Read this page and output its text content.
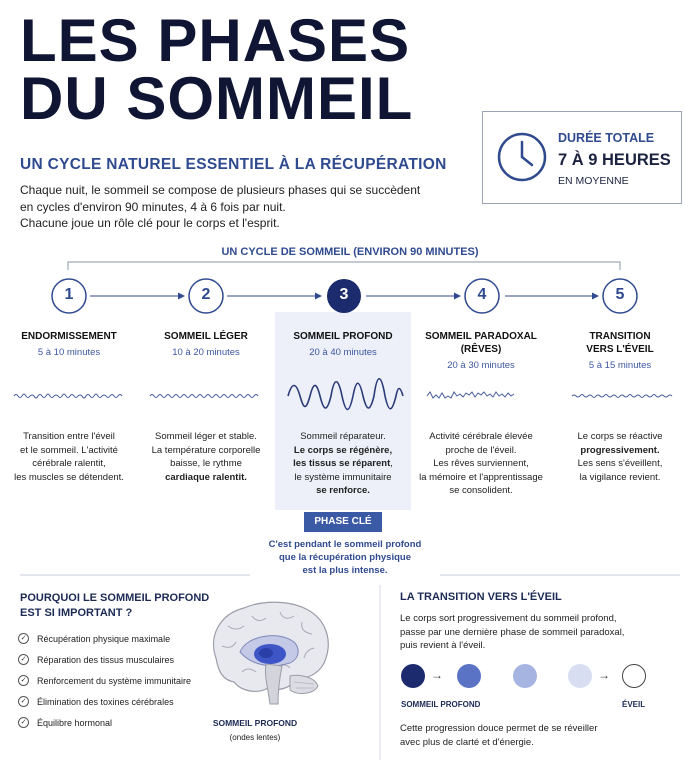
LES PHASES
DU SOMMEIL
UN CYCLE NATUREL ESSENTIEL À LA RÉCUPÉRATION
Chaque nuit, le sommeil se compose de plusieurs phases qui se succèdent
en cycles d'environ 90 minutes, 4 à 6 fois par nuit.
Chacune joue un rôle clé pour le corps et l'esprit.
DURÉE TOTALE
7 À 9 HEURES
EN MOYENNE
UN CYCLE DE SOMMEIL (ENVIRON 90 MINUTES)
1	2	3	4	5
ENDORMISSEMENT
5 à 10 minutes
SOMMEIL LÉGER
10 à 20 minutes
SOMMEIL PROFOND
20 à 40 minutes
SOMMEIL PARADOXAL
(RÊVES)
20 à 30 minutes
TRANSITION
VERS L'ÉVEIL
5 à 15 minutes
Transition entre l'éveil
et le sommeil. L'activité
cérébrale ralentit,
les muscles se détendent.
Sommeil léger et stable.
La température corporelle
baisse, le rythme
cardiaque ralentit.
Sommeil réparateur.
Le corps se régénère,
les tissus se réparent,
le système immunitaire
se renforce.
Activité cérébrale élevée
proche de l'éveil.
Les rêves surviennent,
la mémoire et l'apprentissage
se consolident.
Le corps se réactive
progressivement.
Les sens s'éveillent,
la vigilance revient.
PHASE CLÉ
C'est pendant le sommeil profond
que la récupération physique
est la plus intense.
POURQUOI LE SOMMEIL PROFOND
EST SI IMPORTANT ?
✓ Récupération physique maximale
✓ Réparation des tissus musculaires
✓ Renforcement du système immunitaire
✓ Élimination des toxines cérébrales
✓ Équilibre hormonal	SOMMEIL PROFOND
(ondes lentes)
LA TRANSITION VERS L'ÉVEIL
Le corps sort progressivement du sommeil profond,
passe par une dernière phase de sommeil paradoxal,
puis revient à l'éveil.
→	→
SOMMEIL PROFOND	ÉVEIL
Cette progression douce permet de se réveiller
avec plus de clarté et d'énergie.
